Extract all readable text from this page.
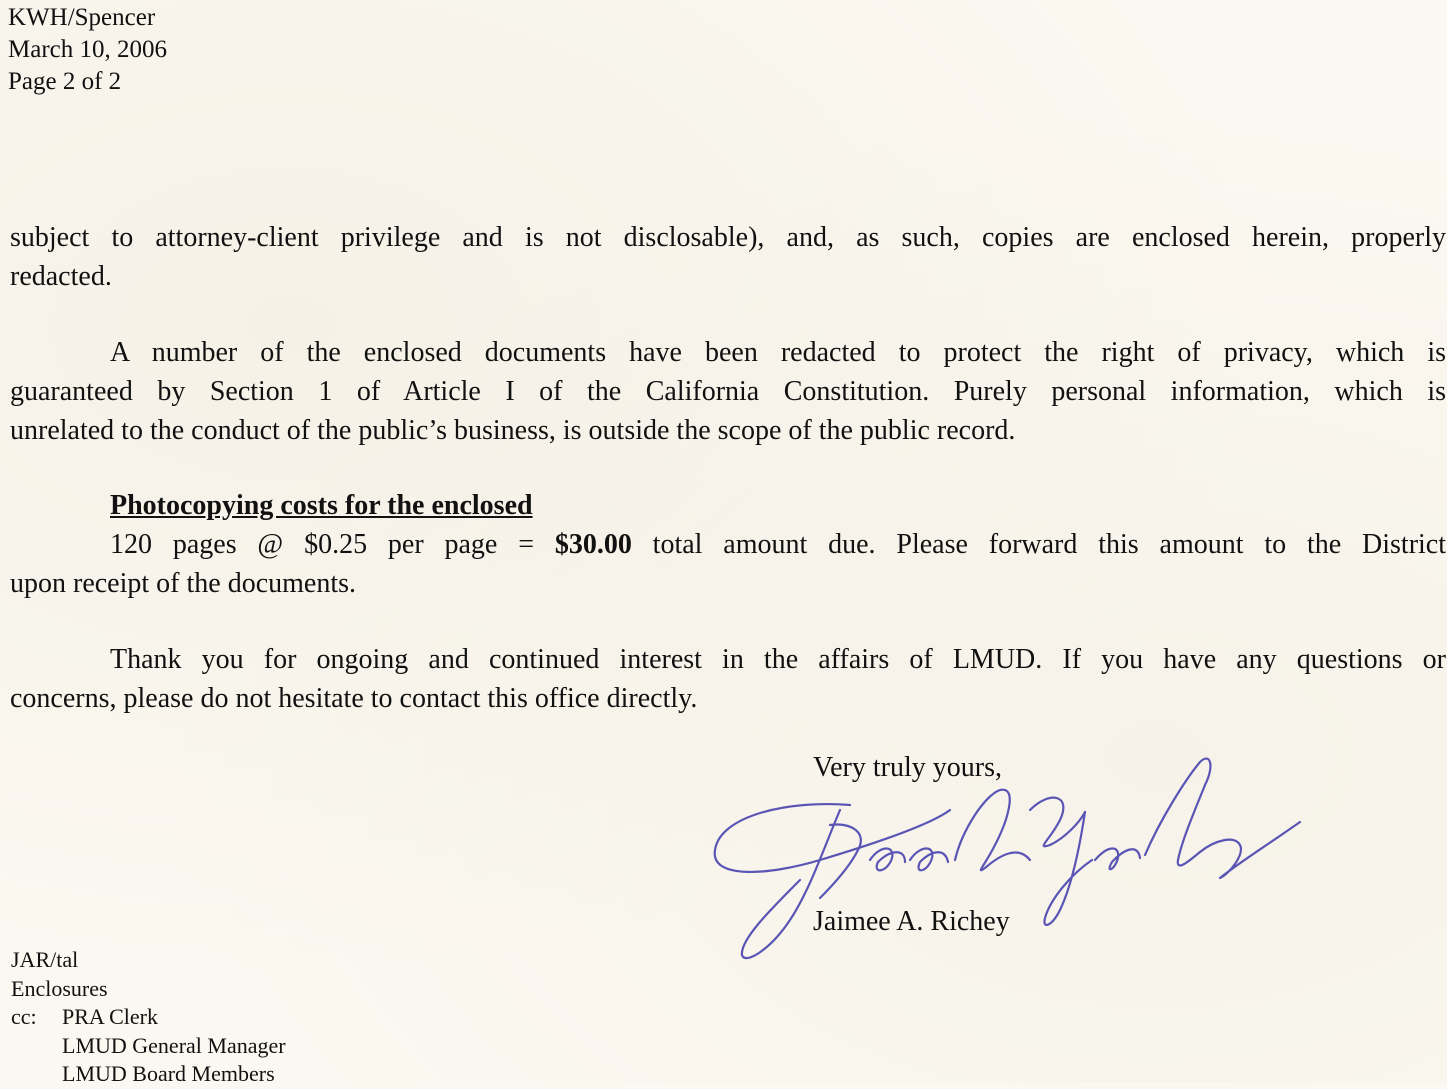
KWH/Spencer
March 10, 2006
Page 2 of 2
subject to attorney-client privilege and is not disclosable), and, as such, copies are enclosed herein, properly
redacted.
A number of the enclosed documents have been redacted to protect the right of privacy, which is
guaranteed by Section 1 of Article I of the California Constitution. Purely personal information, which is
unrelated to the conduct of the public’s business, is outside the scope of the public record.
Photocopying costs for the enclosed
120 pages @ $0.25 per page = $30.00 total amount due. Please forward this amount to the District
upon receipt of the documents.
Thank you for ongoing and continued interest in the affairs of LMUD. If you have any questions or
concerns, please do not hesitate to contact this office directly.
Very truly yours,
Jaimee A. Richey
JAR/tal
Enclosures
cc:	PRA Clerk
LMUD General Manager
LMUD Board Members
